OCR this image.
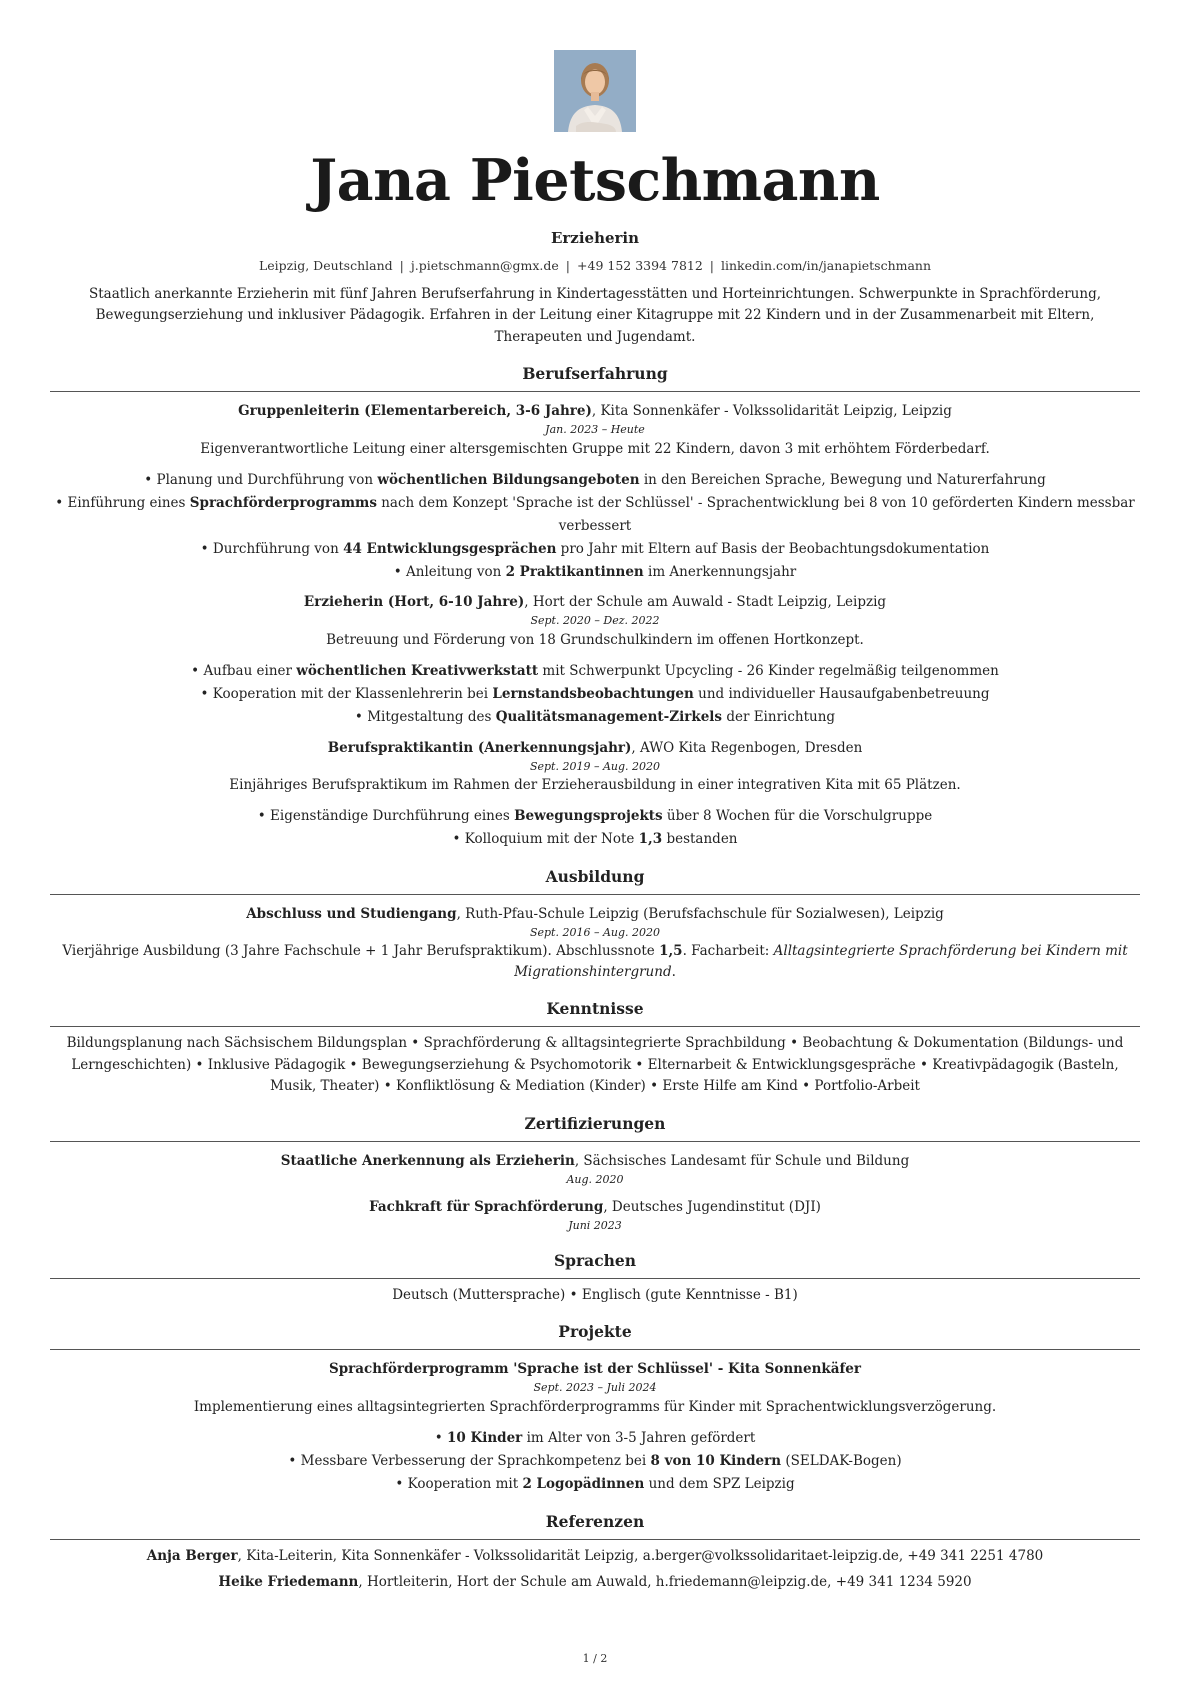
Jana Pietschmann
Erzieherin
Leipzig, Deutschland | j.pietschmann@gmx.de | +49 152 3394 7812 | linkedin.com/in/janapietschmann
Staatlich anerkannte Erzieherin mit fünf Jahren Berufserfahrung in Kindertagesstätten und Horteinrichtungen. Schwerpunkte in Sprachförderung, Bewegungserziehung und inklusiver Pädagogik. Erfahren in der Leitung einer Kitagruppe mit 22 Kindern und in der Zusammenarbeit mit Eltern, Therapeuten und Jugendamt.
Berufserfahrung
Gruppenleiterin (Elementarbereich, 3-6 Jahre), Kita Sonnenkäfer - Volkssolidarität Leipzig, Leipzig
Jan. 2023 – Heute
Eigenverantwortliche Leitung einer altersgemischten Gruppe mit 22 Kindern, davon 3 mit erhöhtem Förderbedarf.
• Planung und Durchführung von wöchentlichen Bildungsangeboten in den Bereichen Sprache, Bewegung und Naturerfahrung
• Einführung eines Sprachförderprogramms nach dem Konzept 'Sprache ist der Schlüssel' - Sprachentwicklung bei 8 von 10 geförderten Kindern messbar verbessert
• Durchführung von 44 Entwicklungsgesprächen pro Jahr mit Eltern auf Basis der Beobachtungsdokumentation
• Anleitung von 2 Praktikantinnen im Anerkennungsjahr
Erzieherin (Hort, 6-10 Jahre), Hort der Schule am Auwald - Stadt Leipzig, Leipzig
Sept. 2020 – Dez. 2022
Betreuung und Förderung von 18 Grundschulkindern im offenen Hortkonzept.
• Aufbau einer wöchentlichen Kreativwerkstatt mit Schwerpunkt Upcycling - 26 Kinder regelmäßig teilgenommen
• Kooperation mit der Klassenlehrerin bei Lernstandsbeobachtungen und individueller Hausaufgabenbetreuung
• Mitgestaltung des Qualitätsmanagement-Zirkels der Einrichtung
Berufspraktikantin (Anerkennungsjahr), AWO Kita Regenbogen, Dresden
Sept. 2019 – Aug. 2020
Einjähriges Berufspraktikum im Rahmen der Erzieherausbildung in einer integrativen Kita mit 65 Plätzen.
• Eigenständige Durchführung eines Bewegungsprojekts über 8 Wochen für die Vorschulgruppe
• Kolloquium mit der Note 1,3 bestanden
Ausbildung
Abschluss und Studiengang, Ruth-Pfau-Schule Leipzig (Berufsfachschule für Sozialwesen), Leipzig
Sept. 2016 – Aug. 2020
Vierjährige Ausbildung (3 Jahre Fachschule + 1 Jahr Berufspraktikum). Abschlussnote 1,5. Facharbeit: Alltagsintegrierte Sprachförderung bei Kindern mit Migrationshintergrund.
Kenntnisse
Bildungsplanung nach Sächsischem Bildungsplan • Sprachförderung & alltagsintegrierte Sprachbildung • Beobachtung & Dokumentation (Bildungs- und Lerngeschichten) • Inklusive Pädagogik • Bewegungserziehung & Psychomotorik • Elternarbeit & Entwicklungsgespräche • Kreativpädagogik (Basteln, Musik, Theater) • Konfliktlösung & Mediation (Kinder) • Erste Hilfe am Kind • Portfolio-Arbeit
Zertifizierungen
Staatliche Anerkennung als Erzieherin, Sächsisches Landesamt für Schule und Bildung
Aug. 2020
Fachkraft für Sprachförderung, Deutsches Jugendinstitut (DJI)
Juni 2023
Sprachen
Deutsch (Muttersprache) • Englisch (gute Kenntnisse - B1)
Projekte
Sprachförderprogramm 'Sprache ist der Schlüssel' - Kita Sonnenkäfer
Sept. 2023 – Juli 2024
Implementierung eines alltagsintegrierten Sprachförderprogramms für Kinder mit Sprachentwicklungsverzögerung.
• 10 Kinder im Alter von 3-5 Jahren gefördert
• Messbare Verbesserung der Sprachkompetenz bei 8 von 10 Kindern (SELDAK-Bogen)
• Kooperation mit 2 Logopädinnen und dem SPZ Leipzig
Referenzen
Anja Berger, Kita-Leiterin, Kita Sonnenkäfer - Volkssolidarität Leipzig, a.berger@volkssolidaritaet-leipzig.de, +49 341 2251 4780
Heike Friedemann, Hortleiterin, Hort der Schule am Auwald, h.friedemann@leipzig.de, +49 341 1234 5920
1 / 2
